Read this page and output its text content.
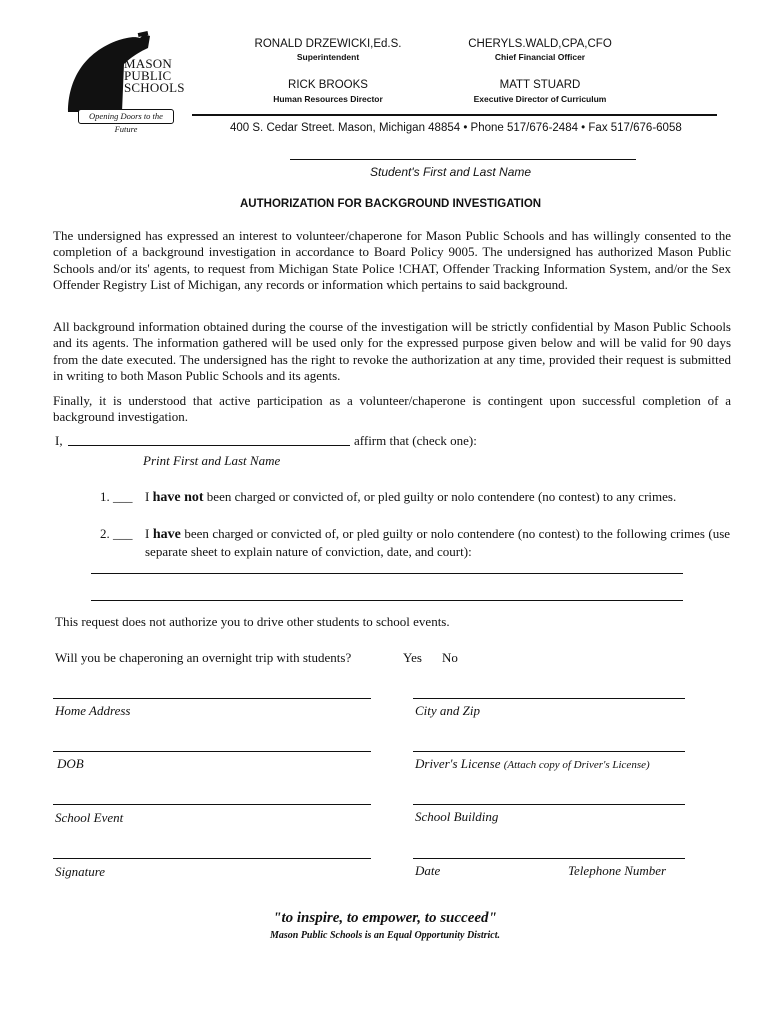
MASON
PUBLIC
SCHOOLS
Opening Doors to the Future
RONALD DRZEWICKI,Ed.S.
Superintendent
CHERYLS.WALD,CPA,CFO
Chief Financial Officer
RICK BROOKS
Human Resources Director
MATT STUARD
Executive Director of Curriculum
400 S. Cedar Street. Mason, Michigan 48854 • Phone 517/676-2484 • Fax 517/676-6058
Student's First and Last Name
AUTHORIZATION FOR BACKGROUND INVESTIGATION
The undersigned has expressed an interest to volunteer/chaperone for Mason Public Schools and has willingly consented to the completion of a background investigation in accordance to Board Policy 9005. The undersigned has authorized Mason Public Schools and/or its' agents, to request from Michigan State Police !CHAT, Offender Tracking Information System, and/or the Sex Offender Registry List of Michigan, any records or information which pertains to said background.
All background information obtained during the course of the investigation will be strictly confidential by Mason Public Schools and its agents. The information gathered will be used only for the expressed purpose given below and will be valid for 90 days from the date executed. The undersigned has the right to revoke the authorization at any time, provided their request is submitted in writing to both Mason Public Schools and its agents.
Finally, it is understood that active participation as a volunteer/chaperone is contingent upon successful completion of a background investigation.
I,	affirm that (check one):
Print First and Last Name
1. ___ I have not been charged or convicted of, or pled guilty or nolo contendere (no contest) to any crimes.
2. ___ I have been charged or convicted of, or pled guilty or nolo contendere (no contest) to the following crimes (use separate sheet to explain nature of conviction, date, and court):
This request does not authorize you to drive other students to school events.
Will you be chaperoning an overnight trip with students?	Yes No
Home Address	City and Zip
DOB	Driver's License (Attach copy of Driver's License)
School Event	School Building
Signature	Date	Telephone Number
"to inspire, to empower, to succeed"
Mason Public Schools is an Equal Opportunity District.
